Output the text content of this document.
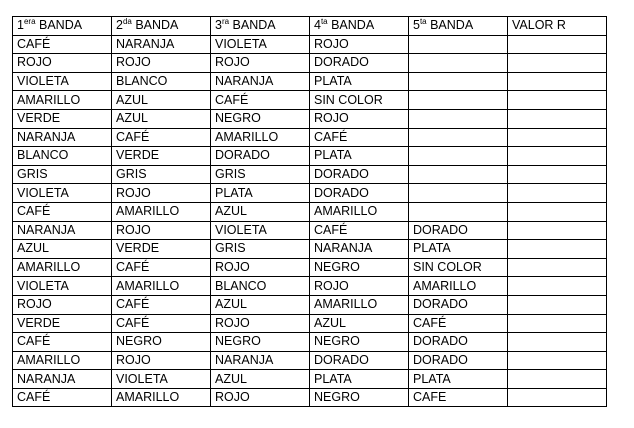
$1^{era}$ BANDA	$2^{da}$ BANDA	$3^{ra}$ BANDA	$4^{ta}$ BANDA	$5^{ta}$ BANDA	VALOR R
CAFÉ	NARANJA	VIOLETA	ROJO		
ROJO	ROJO	ROJO	DORADO		
VIOLETA	BLANCO	NARANJA	PLATA		
AMARILLO	AZUL	CAFÉ	SIN COLOR		
VERDE	AZUL	NEGRO	ROJO		
NARANJA	CAFÉ	AMARILLO	CAFÉ		
BLANCO	VERDE	DORADO	PLATA		
GRIS	GRIS	GRIS	DORADO		
VIOLETA	ROJO	PLATA	DORADO		
CAFÉ	AMARILLO	AZUL	AMARILLO		
NARANJA	ROJO	VIOLETA	CAFÉ	DORADO	
AZUL	VERDE	GRIS	NARANJA	PLATA	
AMARILLO	CAFÉ	ROJO	NEGRO	SIN COLOR	
VIOLETA	AMARILLO	BLANCO	ROJO	AMARILLO	
ROJO	CAFÉ	AZUL	AMARILLO	DORADO	
VERDE	CAFÉ	ROJO	AZUL	CAFÉ	
CAFÉ	NEGRO	NEGRO	NEGRO	DORADO	
AMARILLO	ROJO	NARANJA	DORADO	DORADO	
NARANJA	VIOLETA	AZUL	PLATA	PLATA	
CAFÉ	AMARILLO	ROJO	NEGRO	CAFE	
